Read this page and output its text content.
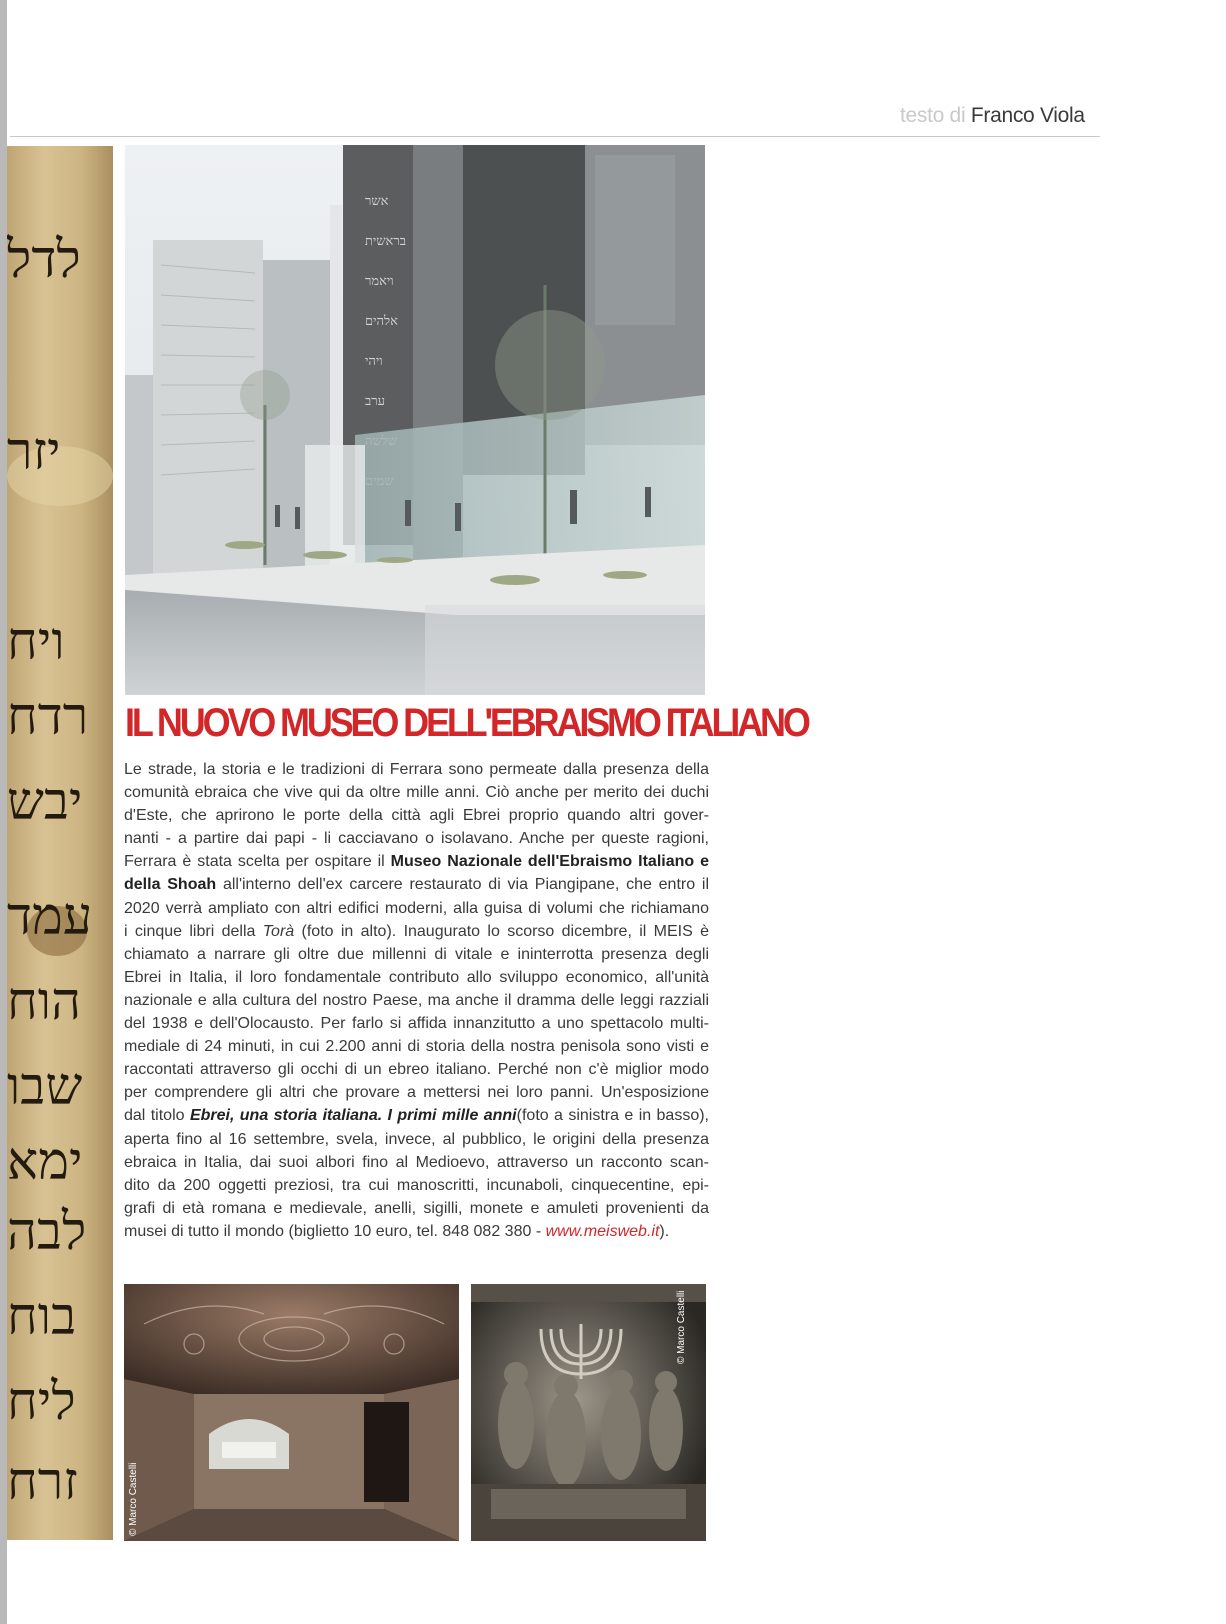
testo di Franco Viola
לדל
יזר
ויח
רדח
יבש
עמד
הוח
שבו
ימא
לבה
בוח
ליח
זרח
אשר
בראשית
ויאמר
אלהים
ויהי
ערב
IL NUOVO MUSEO DELL'EBRAISMO ITALIANO

Le strade, la storia e le tradizioni di Ferrara sono permeate dalla presenza della
comunità ebraica che vive qui da oltre mille anni. Ciò anche per merito dei duchi
d'Este, che aprirono le porte della città agli Ebrei proprio quando altri gover-
nanti - a partire dai papi - li cacciavano o isolavano. Anche per queste ragioni,
Ferrara è stata scelta per ospitare il Museo Nazionale dell'Ebraismo Italiano e
della Shoah all'interno dell'ex carcere restaurato di via Piangipane, che entro il
2020 verrà ampliato con altri edifici moderni, alla guisa di volumi che richiamano
i cinque libri della Torà (foto in alto). Inaugurato lo scorso dicembre, il MEIS è
chiamato a narrare gli oltre due millenni di vitale e ininterrotta presenza degli
Ebrei in Italia, il loro fondamentale contributo allo sviluppo economico, all'unità
nazionale e alla cultura del nostro Paese, ma anche il dramma delle leggi razziali
del 1938 e dell'Olocausto. Per farlo si affida innanzitutto a uno spettacolo multi-
mediale di 24 minuti, in cui 2.200 anni di storia della nostra penisola sono visti e
raccontati attraverso gli occhi di un ebreo italiano. Perché non c'è miglior modo
per comprendere gli altri che provare a mettersi nei loro panni. Un'esposizione
dal titolo Ebrei, una storia italiana. I primi mille anni(foto a sinistra e in basso),
aperta fino al 16 settembre, svela, invece, al pubblico, le origini della presenza
ebraica in Italia, dai suoi albori fino al Medioevo, attraverso un racconto scan-
dito da 200 oggetti preziosi, tra cui manoscritti, incunaboli, cinquecentine, epi-
grafi di età romana e medievale, anelli, sigilli, monete e amuleti provenienti da
musei di tutto il mondo (biglietto 10 euro, tel. 848 082 380 - www.meisweb.it).

© Marco Castelli
© Marco Castelli
